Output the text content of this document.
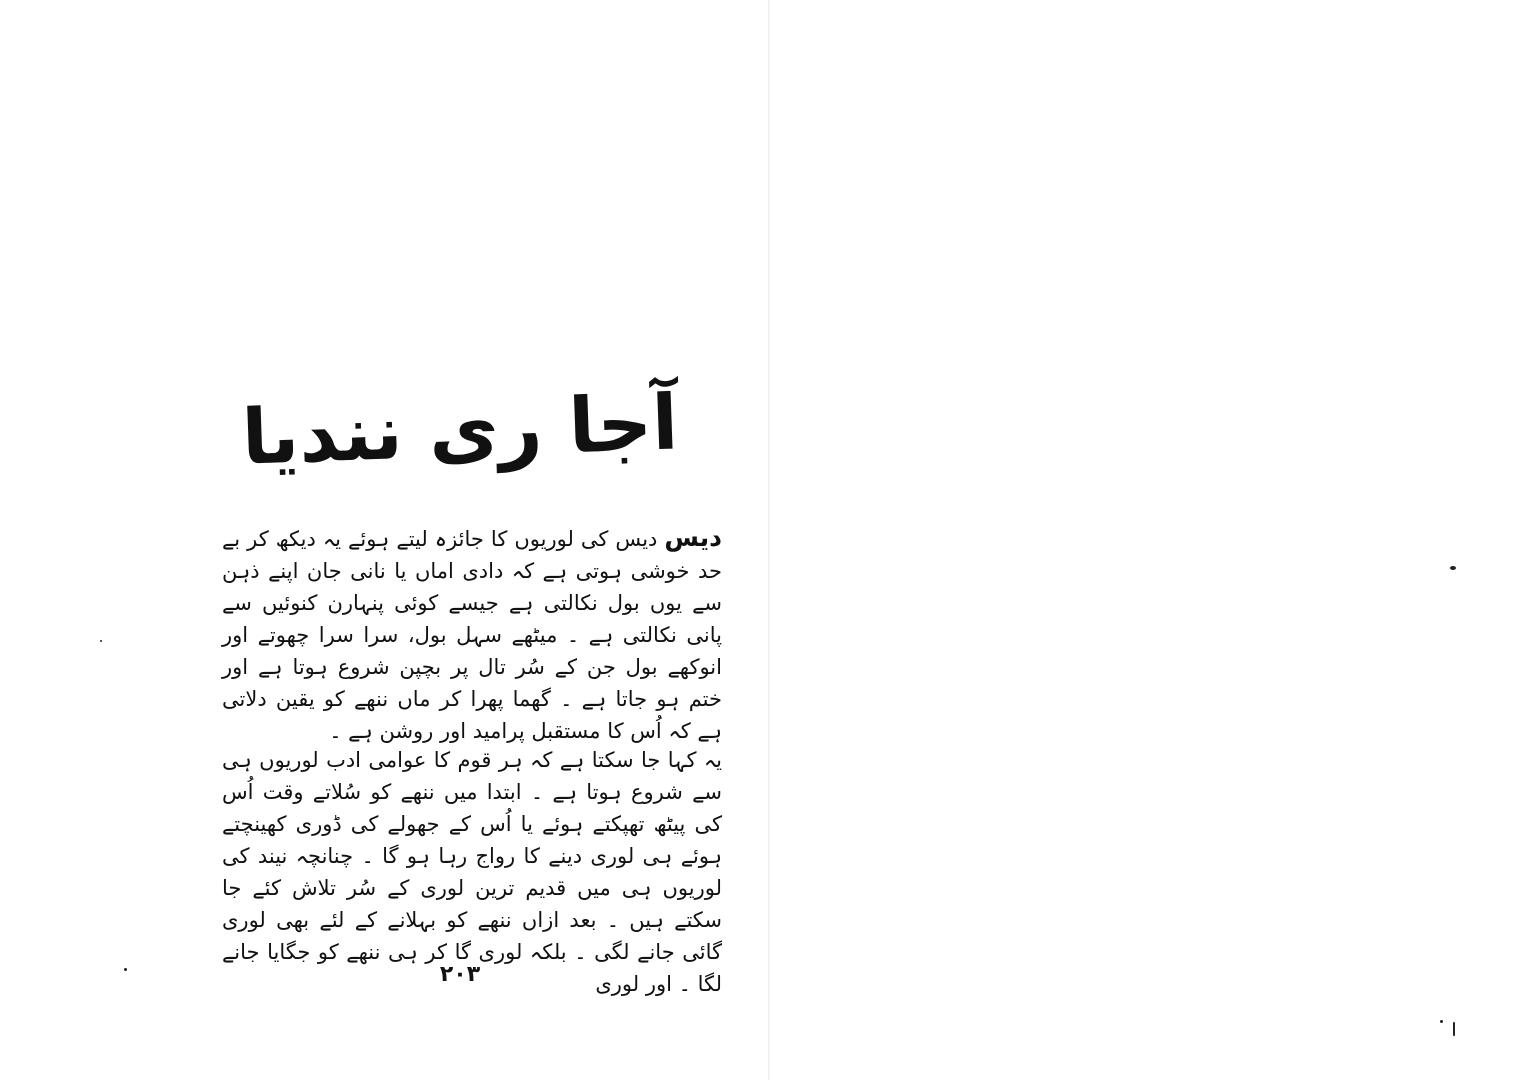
آجا ری نندیا

دیس دیس کی لوریوں کا جائزہ لیتے ہوئے یہ دیکھ کر بے حد خوشی ہوتی ہے کہ دادی اماں یا نانی جان اپنے ذہن سے یوں بول نکالتی ہے جیسے کوئی پنہارن کنوئیں سے پانی نکالتی ہے ۔ میٹھے سہل بول، سرا سرا چھوتے اور انوکھے بول جن کے سُر تال پر بچپن شروع ہوتا ہے اور ختم ہو جاتا ہے ۔ گھما پھرا کر ماں ننھے کو یقین دلاتی ہے کہ اُس کا مستقبل پرامید اور روشن ہے ۔

یہ کہا جا سکتا ہے کہ ہر قوم کا عوامی ادب لوریوں ہی سے شروع ہوتا ہے ۔ ابتدا میں ننھے کو سُلاتے وقت اُس کی پیٹھ تھپکتے ہوئے یا اُس کے جھولے کی ڈوری کھینچتے ہوئے ہی لوری دینے کا رواج رہا ہو گا ۔ چنانچہ نیند کی لوریوں ہی میں قدیم ترین لوری کے سُر تلاش کئے جا سکتے ہیں ۔ بعد ازاں ننھے کو بہلانے کے لئے بھی لوری گائی جانے لگی ۔ بلکہ لوری گا کر ہی ننھے کو جگایا جانے لگا ۔ اور لوری

۲۰۳
